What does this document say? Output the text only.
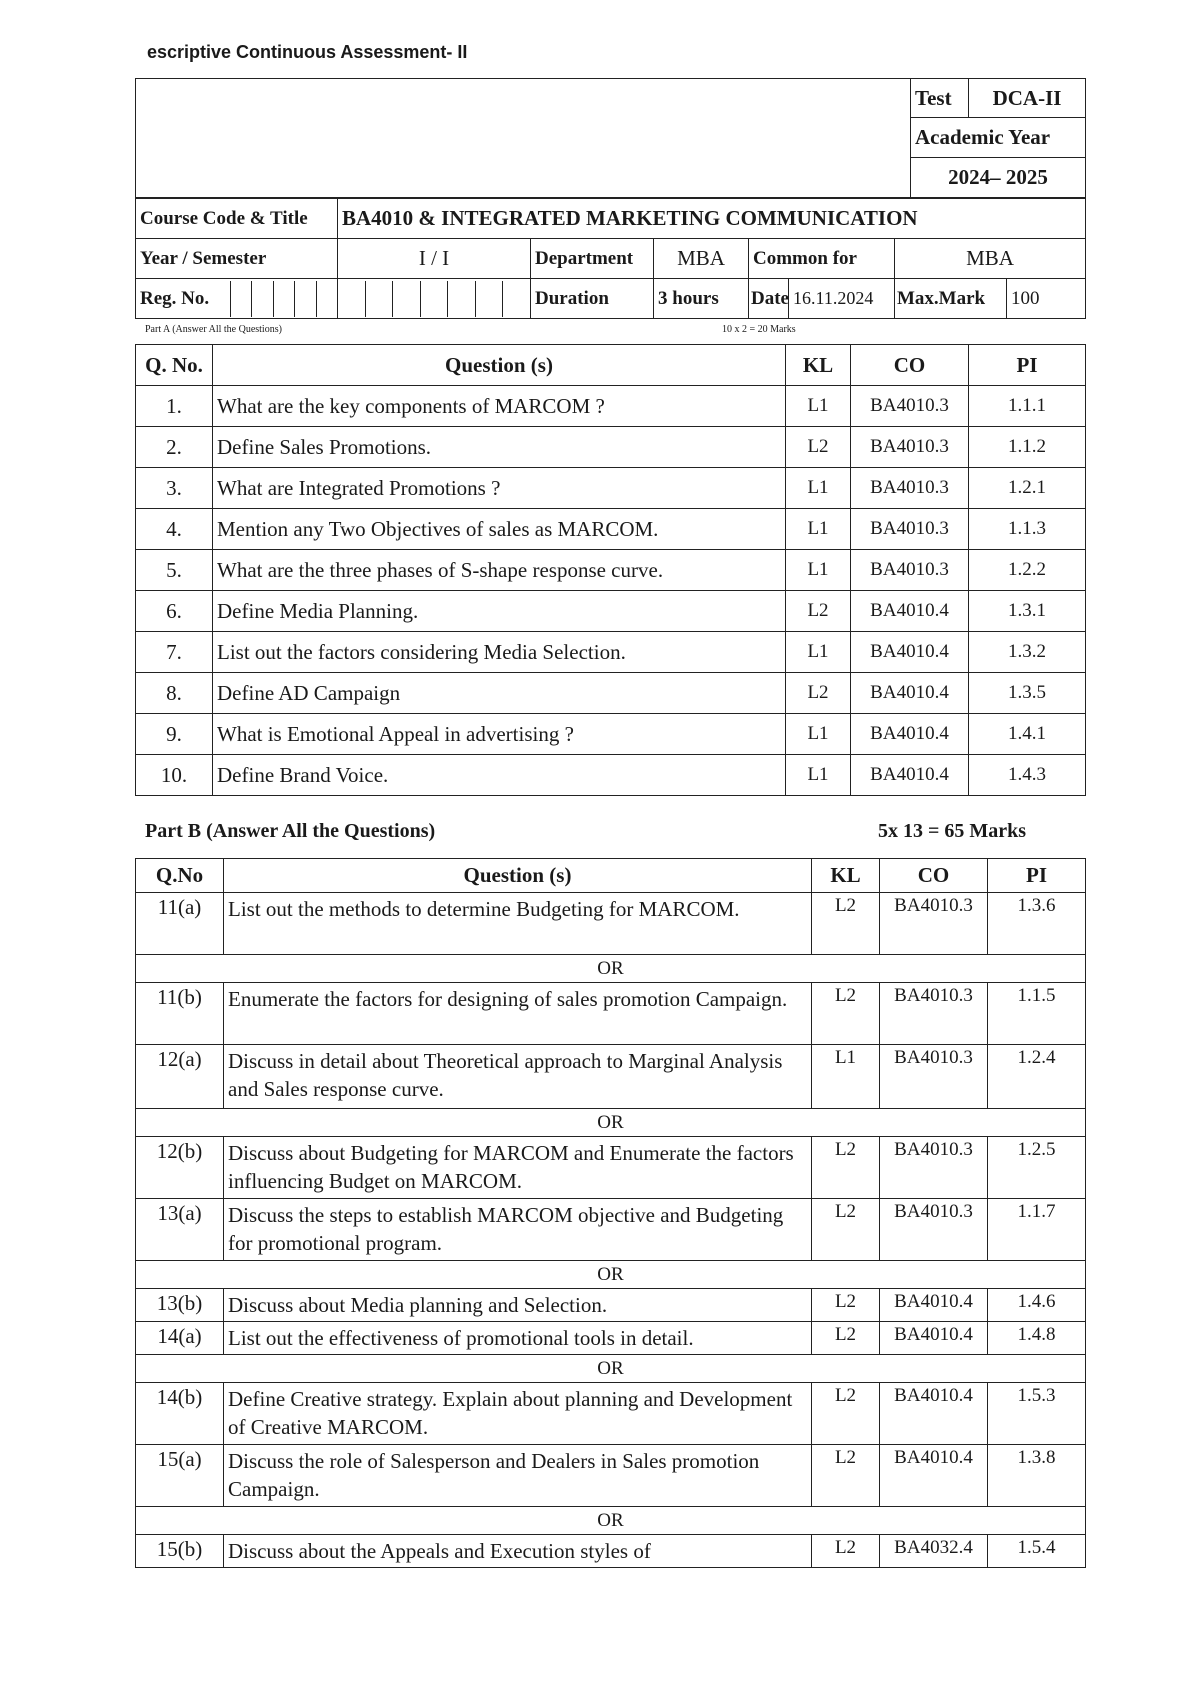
escriptive Continuous Assessment- II
	Test	DCA-II
Academic Year
2024– 2025
Course Code & Title	BA4010 & INTEGRATED MARKETING COMMUNICATION						
Year / Semester	I / I	Department	MBA	Common for		MBA	

Reg. No.		Duration	3 hours	Date	16.11.2024	Max.Mark	100
Part A (Answer All the Questions)	10 x 2 = 20 Marks
Q. No.	Question (s)	KL	CO	PI
1.	What are the key components of MARCOM ?	L1	BA4010.3	1.1.1
2.	Define Sales Promotions.	L2	BA4010.3	1.1.2
3.	What are Integrated Promotions ?	L1	BA4010.3	1.2.1
4.	Mention any Two Objectives of sales as MARCOM.	L1	BA4010.3	1.1.3
5.	What are the three phases of S-shape response curve.	L1	BA4010.3	1.2.2
6.	Define Media Planning.	L2	BA4010.4	1.3.1
7.	List out the factors considering Media Selection.	L1	BA4010.4	1.3.2
8.	Define AD Campaign	L2	BA4010.4	1.3.5
9.	What is Emotional Appeal in advertising ?	L1	BA4010.4	1.4.1
10.	Define Brand Voice.	L1	BA4010.4	1.4.3
Part B (Answer All the Questions)	5x 13 = 65 Marks
Q.No	Question (s)	KL	CO	PI
11(a)	List out the methods to determine Budgeting for MARCOM.	L2	BA4010.3	1.3.6
OR				
11(b)	Enumerate the factors for designing of sales promotion Campaign.	L2	BA4010.3	1.1.5
12(a)	Discuss in detail about Theoretical approach to Marginal Analysis and Sales response curve.	L1	BA4010.3	1.2.4
OR				
12(b)	Discuss about Budgeting for MARCOM and Enumerate the factors influencing Budget on MARCOM.	L2	BA4010.3	1.2.5
13(a)	Discuss the steps to establish MARCOM objective and Budgeting for promotional program.	L2	BA4010.3	1.1.7
OR				
13(b)	Discuss about Media planning and Selection.	L2	BA4010.4	1.4.6
14(a)	List out the effectiveness of promotional tools in detail.	L2	BA4010.4	1.4.8
OR				
14(b)	Define Creative strategy. Explain about planning and Development of Creative MARCOM.	L2	BA4010.4	1.5.3
15(a)	Discuss the role of Salesperson and Dealers in Sales promotion Campaign.	L2	BA4010.4	1.3.8
OR				
15(b)	Discuss about the Appeals and Execution styles of	L2	BA4032.4	1.5.4
